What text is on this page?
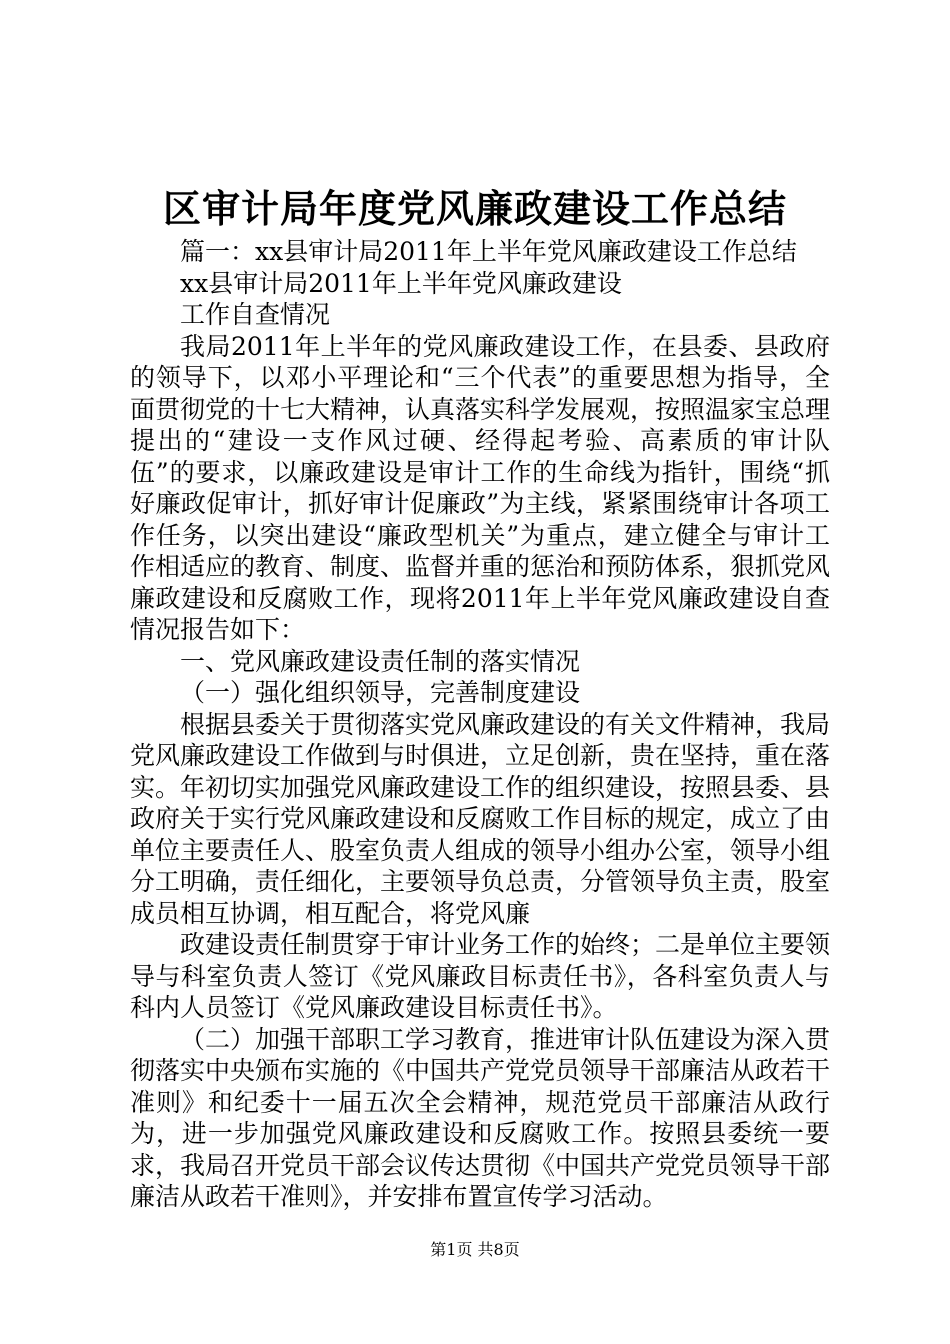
区审计局年度党风廉政建设工作总结

篇一：xx县审计局2011年上半年党风廉政建设工作总结

xx县审计局2011年上半年党风廉政建设

工作自查情况

我局2011年上半年的党风廉政建设工作，在县委、县政府的领导下，以邓小平理论和“三个代表”的重要思想为指导，全面贯彻党的十七大精神，认真落实科学发展观，按照温家宝总理提出的“建设一支作风过硬、经得起考验、高素质的审计队伍”的要求，以廉政建设是审计工作的生命线为指针，围绕“抓好廉政促审计，抓好审计促廉政”为主线，紧紧围绕审计各项工作任务，以突出建设“廉政型机关”为重点，建立健全与审计工作相适应的教育、制度、监督并重的惩治和预防体系，狠抓党风廉政建设和反腐败工作，现将2011年上半年党风廉政建设自查情况报告如下：

一、党风廉政建设责任制的落实情况

（一）强化组织领导，完善制度建设

根据县委关于贯彻落实党风廉政建设的有关文件精神，我局党风廉政建设工作做到与时俱进，立足创新，贵在坚持，重在落实。年初切实加强党风廉政建设工作的组织建设，按照县委、县政府关于实行党风廉政建设和反腐败工作目标的规定，成立了由单位主要责任人、股室负责人组成的领导小组办公室，领导小组分工明确，责任细化，主要领导负总责，分管领导负主责，股室成员相互协调，相互配合，将党风廉

政建设责任制贯穿于审计业务工作的始终；二是单位主要领导与科室负责人签订《党风廉政目标责任书》，各科室负责人与科内人员签订《党风廉政建设目标责任书》。

（二）加强干部职工学习教育，推进审计队伍建设为深入贯彻落实中央颁布实施的《中国共产党党员领导干部廉洁从政若干准则》和纪委十一届五次全会精神，规范党员干部廉洁从政行为，进一步加强党风廉政建设和反腐败工作。按照县委统一要求，我局召开党员干部会议传达贯彻《中国共产党党员领导干部廉洁从政若干准则》，并安排布置宣传学习活动。

第1页 共8页
